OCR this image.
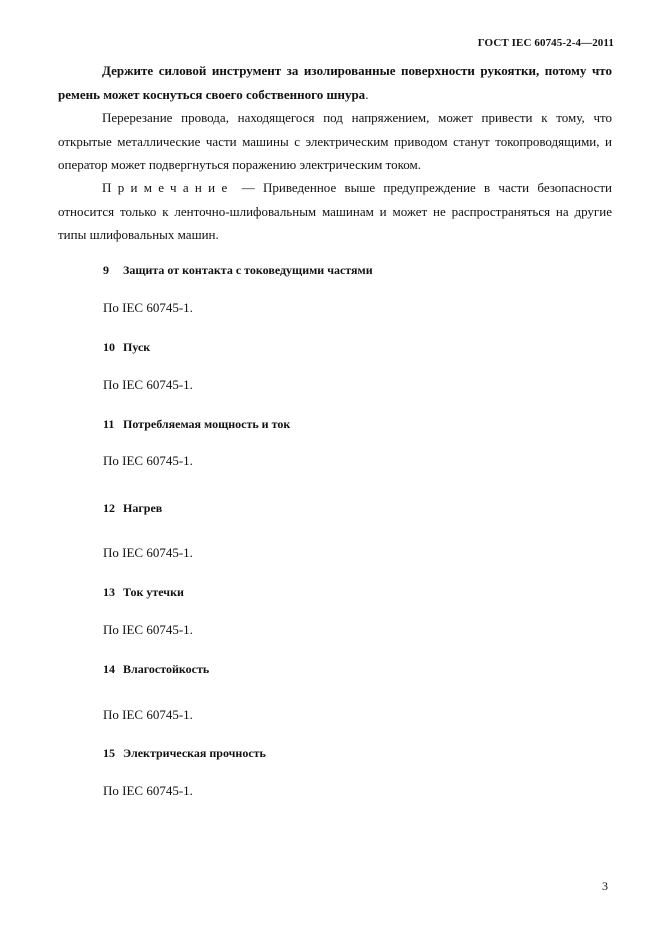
ГОСТ IEC 60745-2-4—2011

Держите силовой инструмент за изолированные поверхности рукоятки, потому что ремень может коснуться своего собственного шнура.

Перерезание провода, находящегося под напряжением, может привести к тому, что открытые металлические части машины с электрическим приводом станут токопроводящими, и оператор может подвергнуться поражению электрическим током.

Примечание — Приведенное выше предупреждение в части безопасности относится только к ленточно-шлифовальным машинам и может не распространяться на другие типы шлифовальных машин.

9 Защита от контакта с токоведущими частями
По IEC 60745-1.
10 Пуск
По IEC 60745-1.
11 Потребляемая мощность и ток
По IEC 60745-1.
12 Нагрев
По IEC 60745-1.
13 Ток утечки
По IEC 60745-1.
14 Влагостойкость
По IEC 60745-1.
15 Электрическая прочность
По IEC 60745-1.
3
